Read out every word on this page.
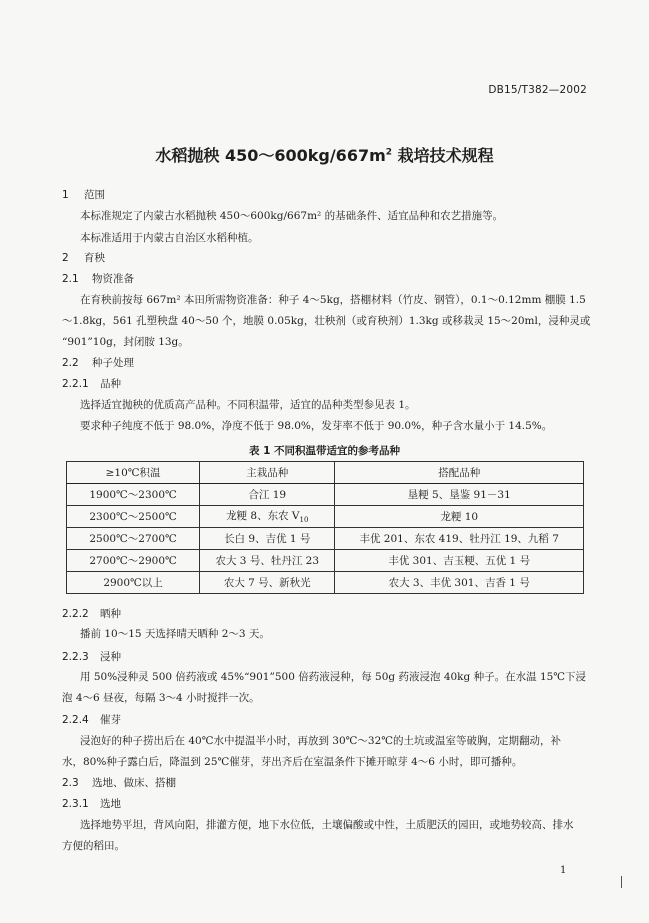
DB15/T382—2002
水稻抛秧 $450\sim 600kg/667m^2$ 栽培技术规程
1 范围
本标准规定了内蒙古水稻抛秧 450～600kg/667m² 的基础条件、适宜品种和农艺措施等。
本标准适用于内蒙古自治区水稻种植。
2 育秧
2.1 物资准备
在育秧前按每 667m² 本田所需物资准备：种子 4～5kg，搭棚材料（竹皮、钢管），0.1～0.12mm 棚膜 1.5
～1.8kg，561 孔塑秧盘 40～50 个，地膜 0.05kg，壮秧剂（或育秧剂）1.3kg 或移栽灵 15～20ml，浸种灵或
“901”10g，封闭胺 13g。
2.2 种子处理
2.2.1 品种
选择适宜抛秧的优质高产品种。不同积温带，适宜的品种类型参见表 1。
要求种子纯度不低于 98.0%，净度不低于 98.0%，发芽率不低于 90.0%，种子含水量小于 14.5%。
表 1 不同积温带适宜的参考品种
≥10℃积温	主栽品种	搭配品种
1900℃～2300℃	合江 19	垦粳 5、垦鉴 91－31
2300℃～2500℃	龙粳 8、东农 $V_{10}$	龙粳 10
2500℃～2700℃	长白 9、吉优 1 号	丰优 201、东农 419、牡丹江 19、九稻 7
2700℃～2900℃	农大 3 号、牡丹江 23	丰优 301、吉玉粳、五优 1 号
2900℃以上	农大 7 号、新秋光	农大 3、丰优 301、吉香 1 号
2.2.2 晒种
播前 10～15 天选择晴天晒种 2～3 天。
2.2.3 浸种
用 50%浸种灵 500 倍药液或 45%“901”500 倍药液浸种，每 50g 药液浸泡 40kg 种子。在水温 15℃下浸
泡 4～6 昼夜，每隔 3～4 小时搅拌一次。
2.2.4 催芽
浸泡好的种子捞出后在 40℃水中提温半小时，再放到 30℃～32℃的土坑或温室等破胸，定期翻动，补
水，80%种子露白后，降温到 25℃催芽，芽出齐后在室温条件下摊开晾芽 4～6 小时，即可播种。
2.3 选地、做床、搭棚
2.3.1 选地
选择地势平坦，背风向阳，排灌方便，地下水位低，土壤偏酸或中性，土质肥沃的园田，或地势较高、排水
方便的稻田。
1
